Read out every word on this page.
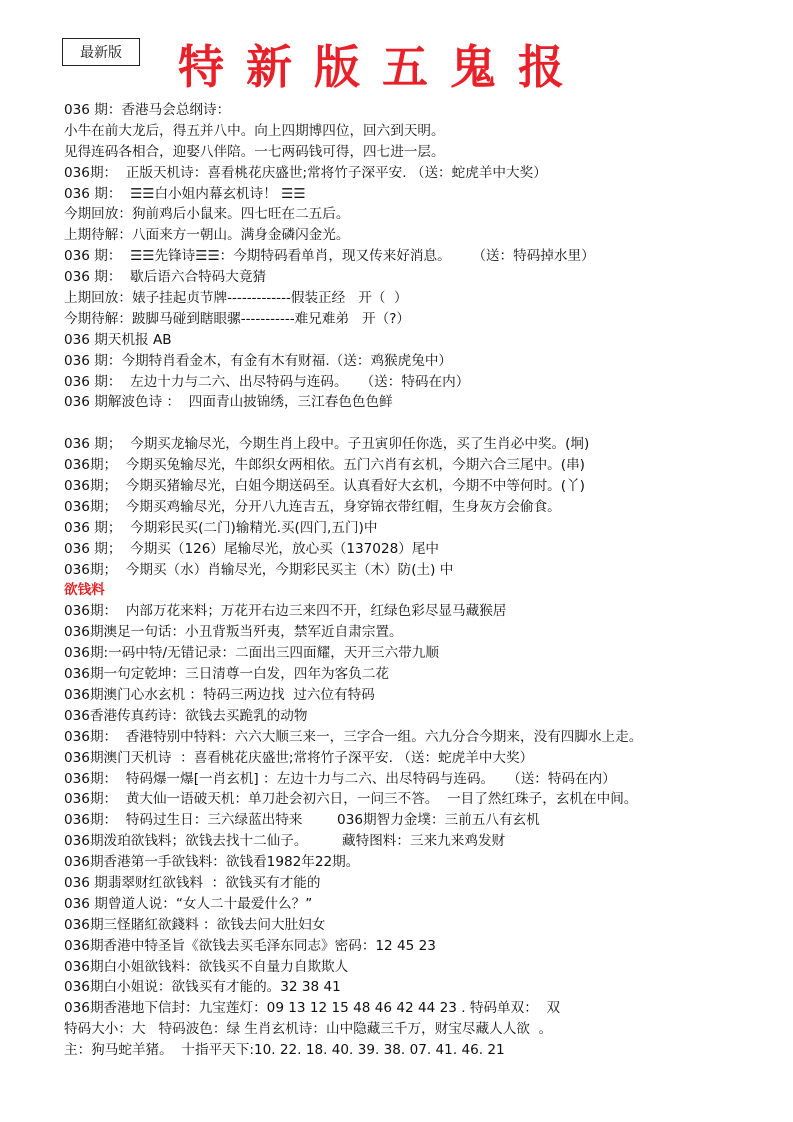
最新版	特新版五鬼报
036 期：香港马会总纲诗：
小牛在前大龙后，得五并八中。向上四期博四位，回六到天明。
见得连码各相合，迎娶八伴陪。一七两码钱可得，四七进一层。
036期：  正版天机诗：喜看桃花庆盛世;常将竹子深平安. （送：蛇虎羊中大奖）
036 期：  ☰☰白小姐内幕玄机诗！ ☰☰
今期回放：狗前鸡后小鼠来。四七旺在二五后。
上期待解：八面来方一朝山。满身金磷闪金光。
036 期：  ☰☰先锋诗☰☰：今期特码看单肖，现又传来好消息。     （送：特码掉水里）
036 期：  歇后语六合特码大竟猜
上期回放：婊子挂起贞节牌-------------假装正经   开（  ）
今期待解：跛脚马碰到瞎眼骡-----------难兄难弟   开（?）
036 期天机报 AB
036 期：今期特肖看金木，有金有木有财福.（送：鸡猴虎兔中）
036 期：  左边十力与二六、出尽特码与连码。   （送：特码在内）
036 期解波色诗 ：  四面青山披锦绣，三江春色色色鲜

036 期；  今期买龙输尽光，今期生肖上段中。子丑寅卯任你选，买了生肖必中奖。(坰)
036期；  今期买兔输尽光，牛郎织女两相依。五门六肖有玄机，今期六合三尾中。(串)
036期；  今期买猪输尽光，白姐今期送码至。认真看好大玄机，今期不中等何时。(丫)
036期；  今期买鸡输尽光，分开八九连吉五，身穿锦衣带红帽，生身灰方会偷食。
036 期；  今期彩民买(二门)输精光.买(四门,五门)中
036 期；  今期买（126）尾输尽光，放心买（137028）尾中
036期；  今期买（水）肖输尽光，今期彩民买主（木）防(土) 中
欲钱料
036期：  内部万花来料；万花开右边三来四不开，红绿色彩尽显马藏猴居
036期澳足一句话：小丑背叛当歼夷，禁军近自肃宗置。
036期:一码中特/无错记录：二面出三四面耀，天开三六带九顺
036期一句定乾坤：三日清尊一白发，四年为客负二花
036期澳门心水玄机 ：特码三两边找  过六位有特码
036香港传真药诗：欲钱去买跪乳的动物
036期：  香港特别中特料：六六大顺三来一，三字合一组。六九分合今期来，没有四脚水上走。
036期澳门天机诗  ：喜看桃花庆盛世;常将竹子深平安. （送：蛇虎羊中大奖）
036期：  特码爆一爆[一肖玄机] ：左边十力与二六、出尽特码与连码。   （送：特码在内）
036期：  黄大仙一语破天机：单刀赴会初六日，一问三不答。  一目了然红珠子，玄机在中间。
036期：  特码过生日：三六绿蓝出特来        036期智力金墣：三前五八有玄机
036期泼珀欲钱料；欲钱去找十二仙子。        藏特图料：三来九来鸡发财
036期香港第一手欲钱料：欲钱看1982年22期。
036 期翡翠财红欲钱料  ：欲钱买有才能的
036 期曾道人说：“女人二十最爱什么？”
036期三怪賭紅欲錢料 ：欲钱去问大肚妇女
036期香港中特圣旨《欲钱去买毛泽东同志》密码：12 45 23
036期白小姐欲钱料：欲钱买不自量力自欺欺人
036期白小姐说：欲钱买有才能的。32 38 41
036期香港地下信封：九宝莲灯：09 13 12 15 48 46 42 44 23 . 特码单双：  双
特码大小：大   特码波色：绿 生肖玄机诗：山中隐藏三千万，财宝尽藏人人欲  。
主：狗马蛇羊猪。  十指平天下:10. 22. 18. 40. 39. 38. 07. 41. 46. 21
